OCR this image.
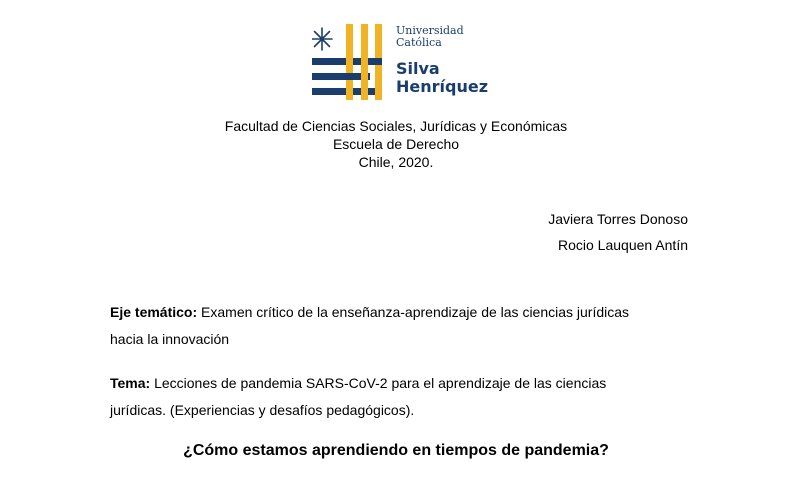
Universidad
Católica
Silva
Henríquez
Facultad de Ciencias Sociales, Jurídicas y Económicas
Escuela de Derecho
Chile, 2020.
Javiera Torres Donoso
Rocio Lauquen Antín
Eje temático: Examen crítico de la enseñanza-aprendizaje de las ciencias jurídicas
hacia la innovación
Tema: Lecciones de pandemia SARS-CoV-2 para el aprendizaje de las ciencias
jurídicas. (Experiencias y desafíos pedagógicos).
¿Cómo estamos aprendiendo en tiempos de pandemia?
